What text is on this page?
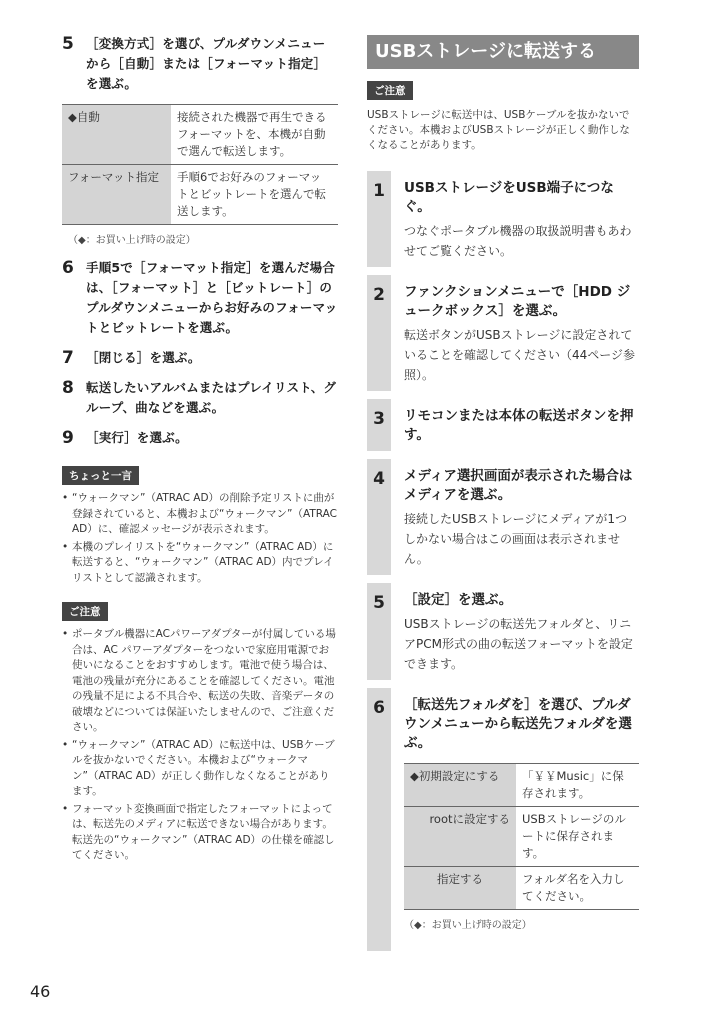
5 ［変換方式］を選び、プルダウンメニューから［自動］または［フォーマット指定］を選ぶ。
◆自動	接続された機器で再生できるフォーマットを、本機が自動で選んで転送します。
フォーマット指定	手順6でお好みのフォーマットとビットレートを選んで転送します。
（◆：お買い上げ時の設定）
6 手順5で［フォーマット指定］を選んだ場合は、［フォーマット］と［ビットレート］のプルダウンメニューからお好みのフォーマットとビットレートを選ぶ。
7 ［閉じる］を選ぶ。
8 転送したいアルバムまたはプレイリスト、グループ、曲などを選ぶ。
9 ［実行］を選ぶ。
ちょっと一言
• “ウォークマン”（ATRAC AD）の削除予定リストに曲が登録されていると、本機および“ウォークマン”（ATRAC AD）に、確認メッセージが表示されます。
• 本機のプレイリストを“ウォークマン”（ATRAC AD）に転送すると、“ウォークマン”（ATRAC AD）内でプレイリストとして認識されます。
ご注意
• ポータブル機器にACパワーアダプターが付属している場合は、AC パワーアダプターをつないで家庭用電源でお使いになることをおすすめします。電池で使う場合は、電池の残量が充分にあることを確認してください。電池の残量不足による不具合や、転送の失敗、音楽データの破壊などについては保証いたしませんので、ご注意ください。
• “ウォークマン”（ATRAC AD）に転送中は、USBケーブルを抜かないでください。本機および“ウォークマン”（ATRAC AD）が正しく動作しなくなることがあります。
• フォーマット変換画面で指定したフォーマットによっては、転送先のメディアに転送できない場合があります。転送先の“ウォークマン”（ATRAC AD）の仕様を確認してください。
USBストレージに転送する
ご注意
USBストレージに転送中は、USBケーブルを抜かないでください。本機およびUSBストレージが正しく動作しなくなることがあります。
1	USBストレージをUSB端子につなぐ。
つなぐポータブル機器の取扱説明書もあわせてご覧ください。
2	ファンクションメニューで［HDD ジュークボックス］を選ぶ。
転送ボタンがUSBストレージに設定されていることを確認してください（44ページ参照）。
3	リモコンまたは本体の転送ボタンを押す。
4	メディア選択画面が表示された場合はメディアを選ぶ。
接続したUSBストレージにメディアが1つしかない場合はこの画面は表示されません。
5	［設定］を選ぶ。
USBストレージの転送先フォルダと、リニアPCM形式の曲の転送フォーマットを設定できます。
6	［転送先フォルダを］を選び、プルダウンメニューから転送先フォルダを選ぶ。
◆初期設定にする	「￥￥Music」に保存されます。
rootに設定する	USBストレージのルートに保存されます。
指定する	フォルダ名を入力してください。
（◆：お買い上げ時の設定）
46
